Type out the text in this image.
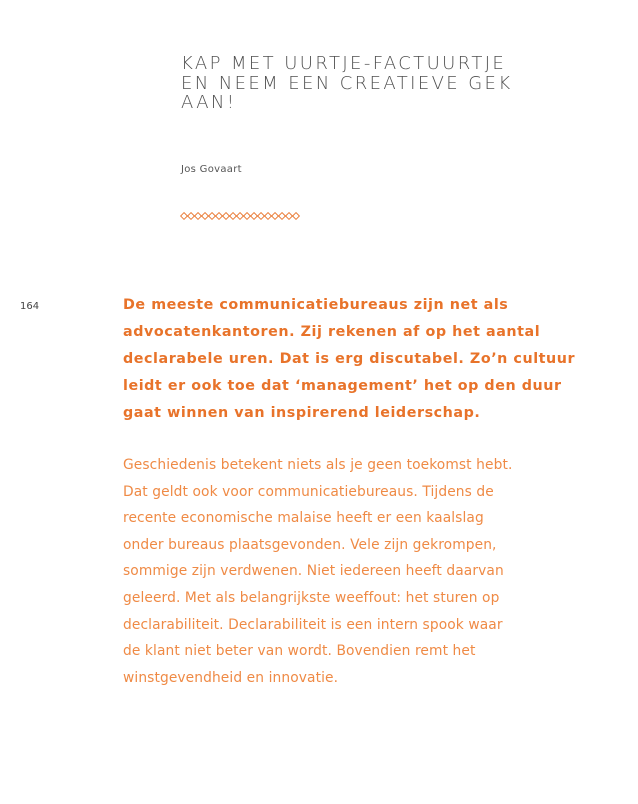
KAP MET UURTJE-FACTUURTJE
EN NEEM EEN CREATIEVE GEK
AAN!
Jos Govaart
164	De meeste communicatiebureaus zijn net als
advocatenkantoren. Zij rekenen af op het aantal
declarabele uren. Dat is erg discutabel. Zo’n cultuur
leidt er ook toe dat ‘management’ het op den duur
gaat winnen van inspirerend leiderschap.

Geschiedenis betekent niets als je geen toekomst hebt.
Dat geldt ook voor communicatiebureaus. Tijdens de
recente economische malaise heeft er een kaalslag
onder bureaus plaatsgevonden. Vele zijn gekrompen,
sommige zijn verdwenen. Niet iedereen heeft daarvan
geleerd. Met als belangrijkste weeffout: het sturen op
declarabiliteit. Declarabiliteit is een intern spook waar
de klant niet beter van wordt. Bovendien remt het
winstgevendheid en innovatie.
